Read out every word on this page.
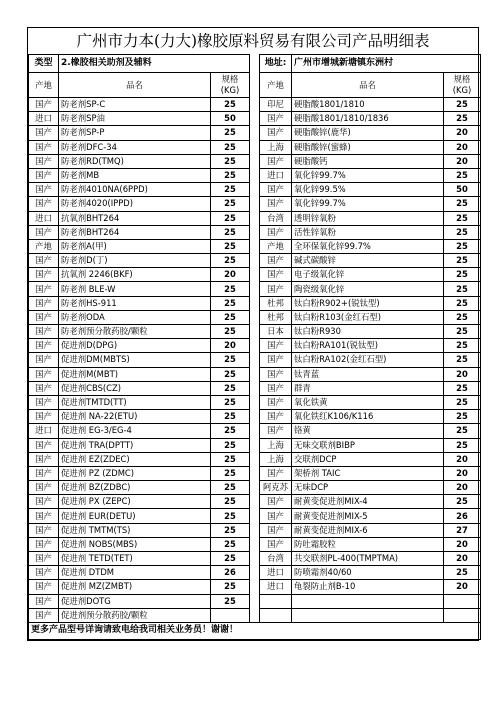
广州市力本(力大)橡胶原料贸易有限公司产品明细表
类型	2.橡胶相关助剂及辅料			地址:	广州市增城新塘镇东洲村	
产地	品名	规格
(KG)		产地	品名	规格
(KG)
国产	防老剂SP-C	25		印尼	硬脂酸1801/1810	25
进口	防老剂SP油	50		国产	硬脂酸1801/1810/1836	25
国产	防老剂SP-P	25		国产	硬脂酸锌(鹿华)	20
国产	防老剂DFC-34	25		上海	硬脂酸锌(蜜蜂)	20
国产	防老剂RD(TMQ)	25		国产	硬脂酸钙	20
国产	防老剂MB	25		进口	氧化锌99.7%	25
国产	防老剂4010NA(6PPD)	25		国产	氧化锌99.5%	50
国产	防老剂4020(IPPD)	25		国产	氧化锌99.7%	25
进口	抗氧剂BHT264	25		台湾	透明锌氧粉	25
国产	防老剂BHT264	25		国产	活性锌氧粉	25
产地	防老剂A(甲)	25		产地	全环保氧化锌99.7%	25
国产	防老剂D(丁)	25		国产	碱式碳酸锌	25
国产	抗氧剂 2246(BKF)	20		国产	电子级氧化锌	25
国产	防老剂 BLE-W	25		国产	陶瓷级氧化锌	25
国产	防老剂HS-911	25		杜邦	钛白粉R902+(锐钛型)	25
国产	防老剂ODA	25		杜邦	钛白粉R103(金红石型)	25
国产	防老剂预分散药胶/颗粒	25		日本	钛白粉R930	25
国产	促进剂D(DPG)	20		国产	钛白粉RA101(锐钛型)	25
国产	促进剂DM(MBTS)	25		国产	钛白粉RA102(金红石型)	25
国产	促进剂M(MBT)	25		国产	钛青蓝	20
国产	促进剂CBS(CZ)	25		国产	群青	25
国产	促进剂TMTD(TT)	25		国产	氧化铁黄	25
国产	促进剂 NA-22(ETU)	25		国产	氧化铁红K106/K116	25
进口	促进剂 EG-3/EG-4	25		国产	铬黄	25
国产	促进剂 TRA(DPTT)	25		上海	无味交联剂BIBP	25
国产	促进剂 EZ(ZDEC)	25		上海	交联剂DCP	20
国产	促进剂 PZ (ZDMC)	25		国产	架桥剂 TAIC	20
国产	促进剂 BZ(ZDBC)	25		阿克苏	无味DCP	20
国产	促进剂 PX (ZEPC)	25		国产	耐黄变促进剂MIX-4	25
国产	促进剂 EUR(DETU)	25		国产	耐黄变促进剂MIX-5	26
国产	促进剂 TMTM(TS)	25		国产	耐黄变促进剂MIX-6	27
国产	促进剂 NOBS(MBS)	25		国产	防吐霜胶粒	20
国产	促进剂 TETD(TET)	25		台湾	共交联剂PL-400(TMPTMA)	20
国产	促进剂 DTDM	26		进口	防喷霜剂40/60	25
国产	促进剂 MZ(ZMBT)	25		进口	龟裂防止剂B-10	20
国产	促进剂DOTG	25				
国产	促进剂预分散药胶/颗粒					
更多产品型号详询请致电给我司相关业务员！谢谢！						
